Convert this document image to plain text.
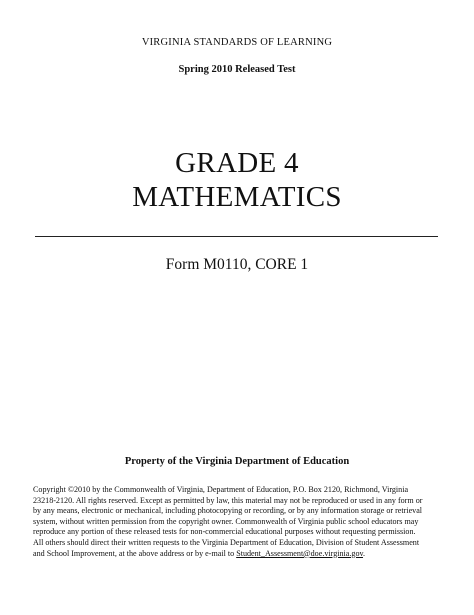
VIRGINIA STANDARDS OF LEARNING
Spring 2010 Released Test
GRADE 4
MATHEMATICS
Form M0110, CORE 1
Property of the Virginia Department of Education
Copyright ©2010 by the Commonwealth of Virginia, Department of Education, P.O. Box 2120, Richmond, Virginia
23218-2120. All rights reserved. Except as permitted by law, this material may not be reproduced or used in any form or
by any means, electronic or mechanical, including photocopying or recording, or by any information storage or retrieval
system, without written permission from the copyright owner. Commonwealth of Virginia public school educators may
reproduce any portion of these released tests for non-commercial educational purposes without requesting permission.
All others should direct their written requests to the Virginia Department of Education, Division of Student Assessment
and School Improvement, at the above address or by e-mail to Student_Assessment@doe.virginia.gov.
